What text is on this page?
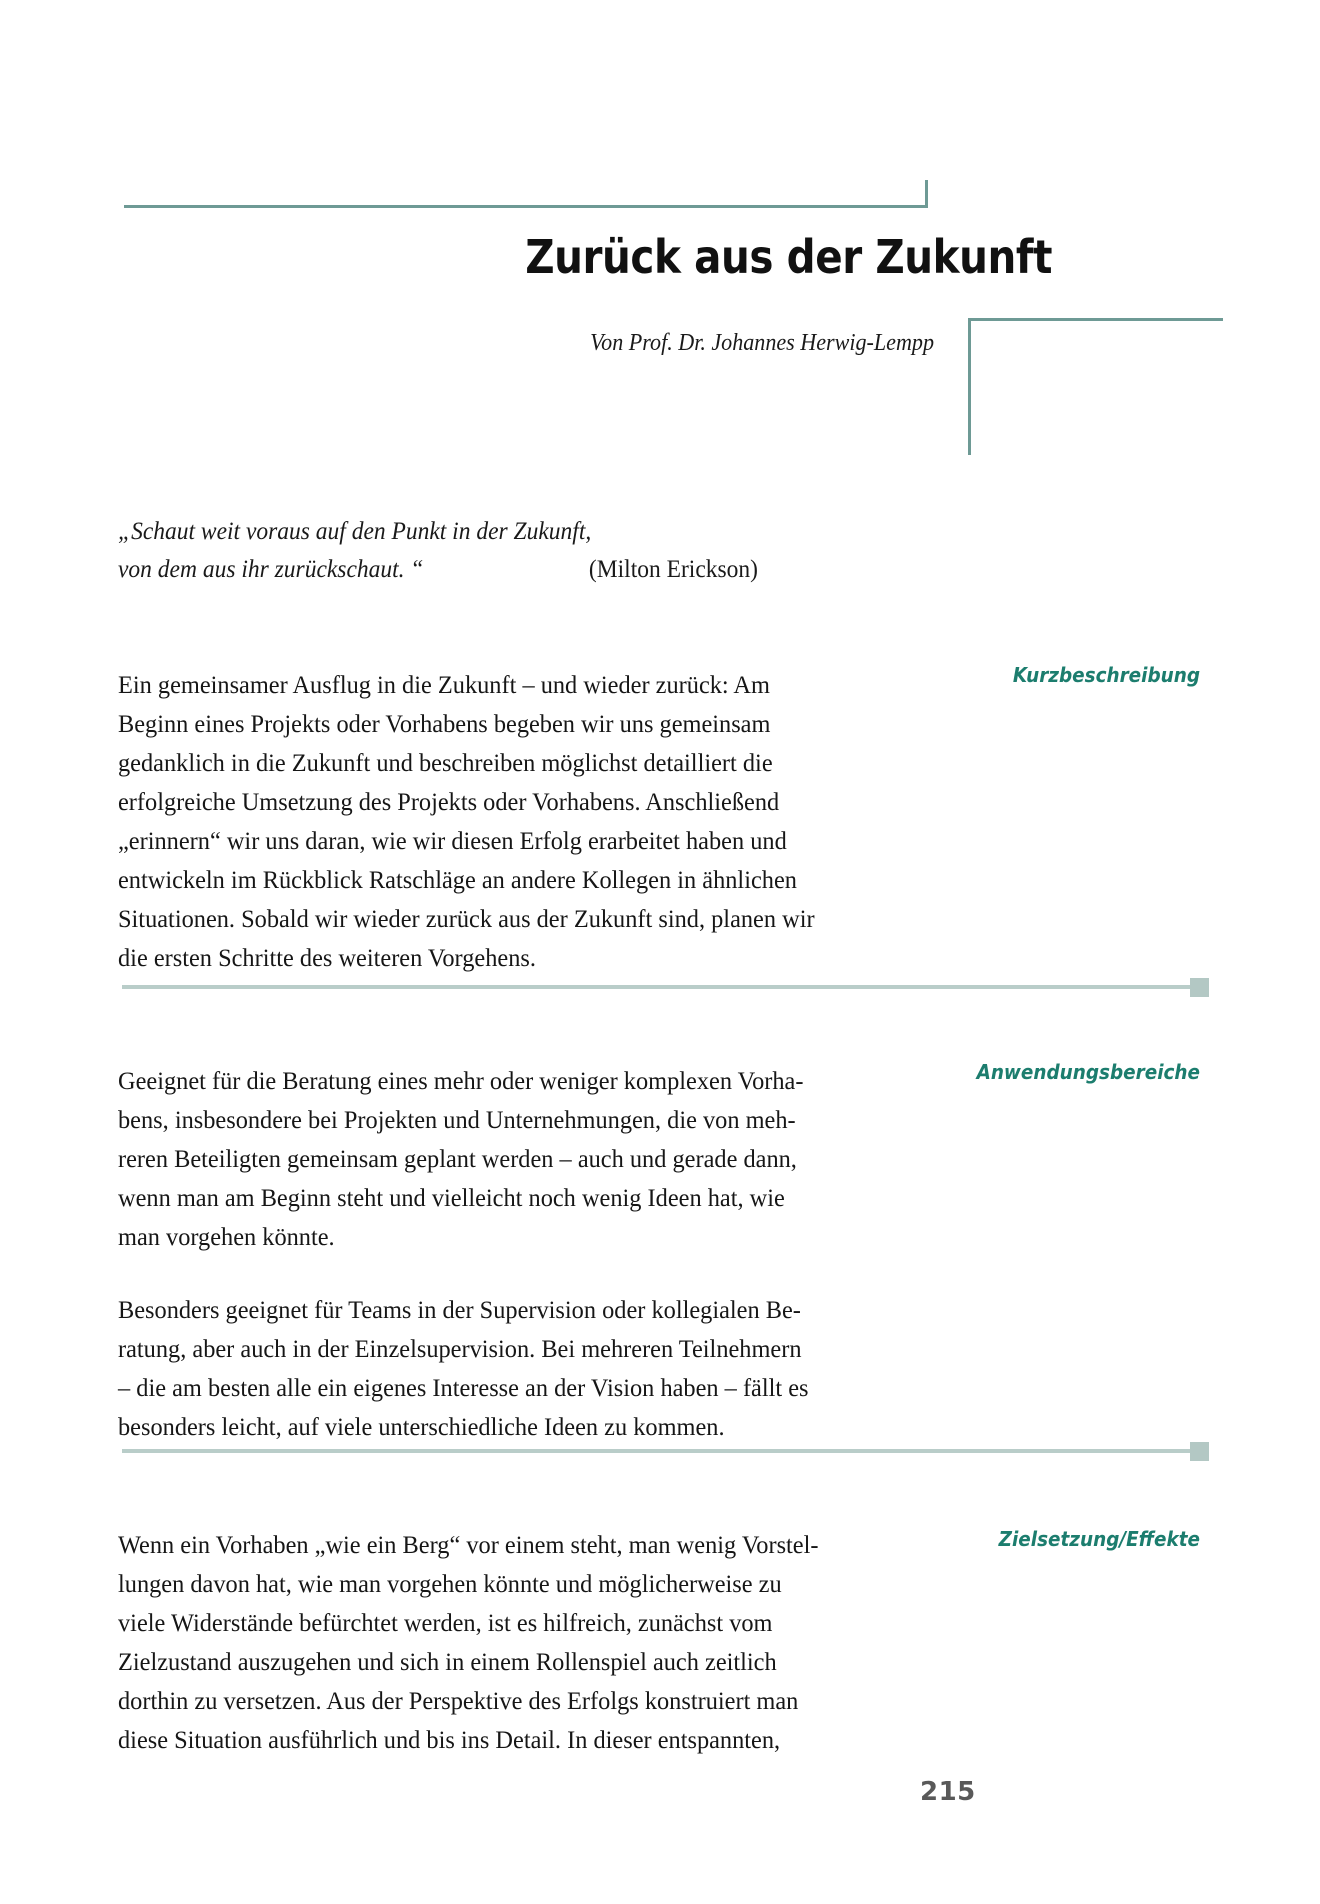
Zurück aus der Zukunft
Von Prof. Dr. Johannes Herwig-Lempp
„Schaut weit voraus auf den Punkt in der Zukunft,
von dem aus ihr zurückschaut. “	(Milton Erickson)

Ein gemeinsamer Ausflug in die Zukunft – und wieder zurück: Am
Beginn eines Projekts oder Vorhabens begeben wir uns gemeinsam
gedanklich in die Zukunft und beschreiben möglichst detailliert die
erfolgreiche Umsetzung des Projekts oder Vorhabens. Anschließend
„erinnern“ wir uns daran, wie wir diesen Erfolg erarbeitet haben und
entwickeln im Rückblick Ratschläge an andere Kollegen in ähnlichen
Situationen. Sobald wir wieder zurück aus der Zukunft sind, planen wir
die ersten Schritte des weiteren Vorgehens.

Kurzbeschreibung

Geeignet für die Beratung eines mehr oder weniger komplexen Vorha-
bens, insbesondere bei Projekten und Unternehmungen, die von meh-
reren Beteiligten gemeinsam geplant werden – auch und gerade dann,
wenn man am Beginn steht und vielleicht noch wenig Ideen hat, wie
man vorgehen könnte.

Besonders geeignet für Teams in der Supervision oder kollegialen Be-
ratung, aber auch in der Einzelsupervision. Bei mehreren Teilnehmern
– die am besten alle ein eigenes Interesse an der Vision haben – fällt es
besonders leicht, auf viele unterschiedliche Ideen zu kommen.

Anwendungsbereiche

Wenn ein Vorhaben „wie ein Berg“ vor einem steht, man wenig Vorstel-
lungen davon hat, wie man vorgehen könnte und möglicherweise zu
viele Widerstände befürchtet werden, ist es hilfreich, zunächst vom
Zielzustand auszugehen und sich in einem Rollenspiel auch zeitlich
dorthin zu versetzen. Aus der Perspektive des Erfolgs konstruiert man
diese Situation ausführlich und bis ins Detail. In dieser entspannten,

Zielsetzung/Effekte
215
